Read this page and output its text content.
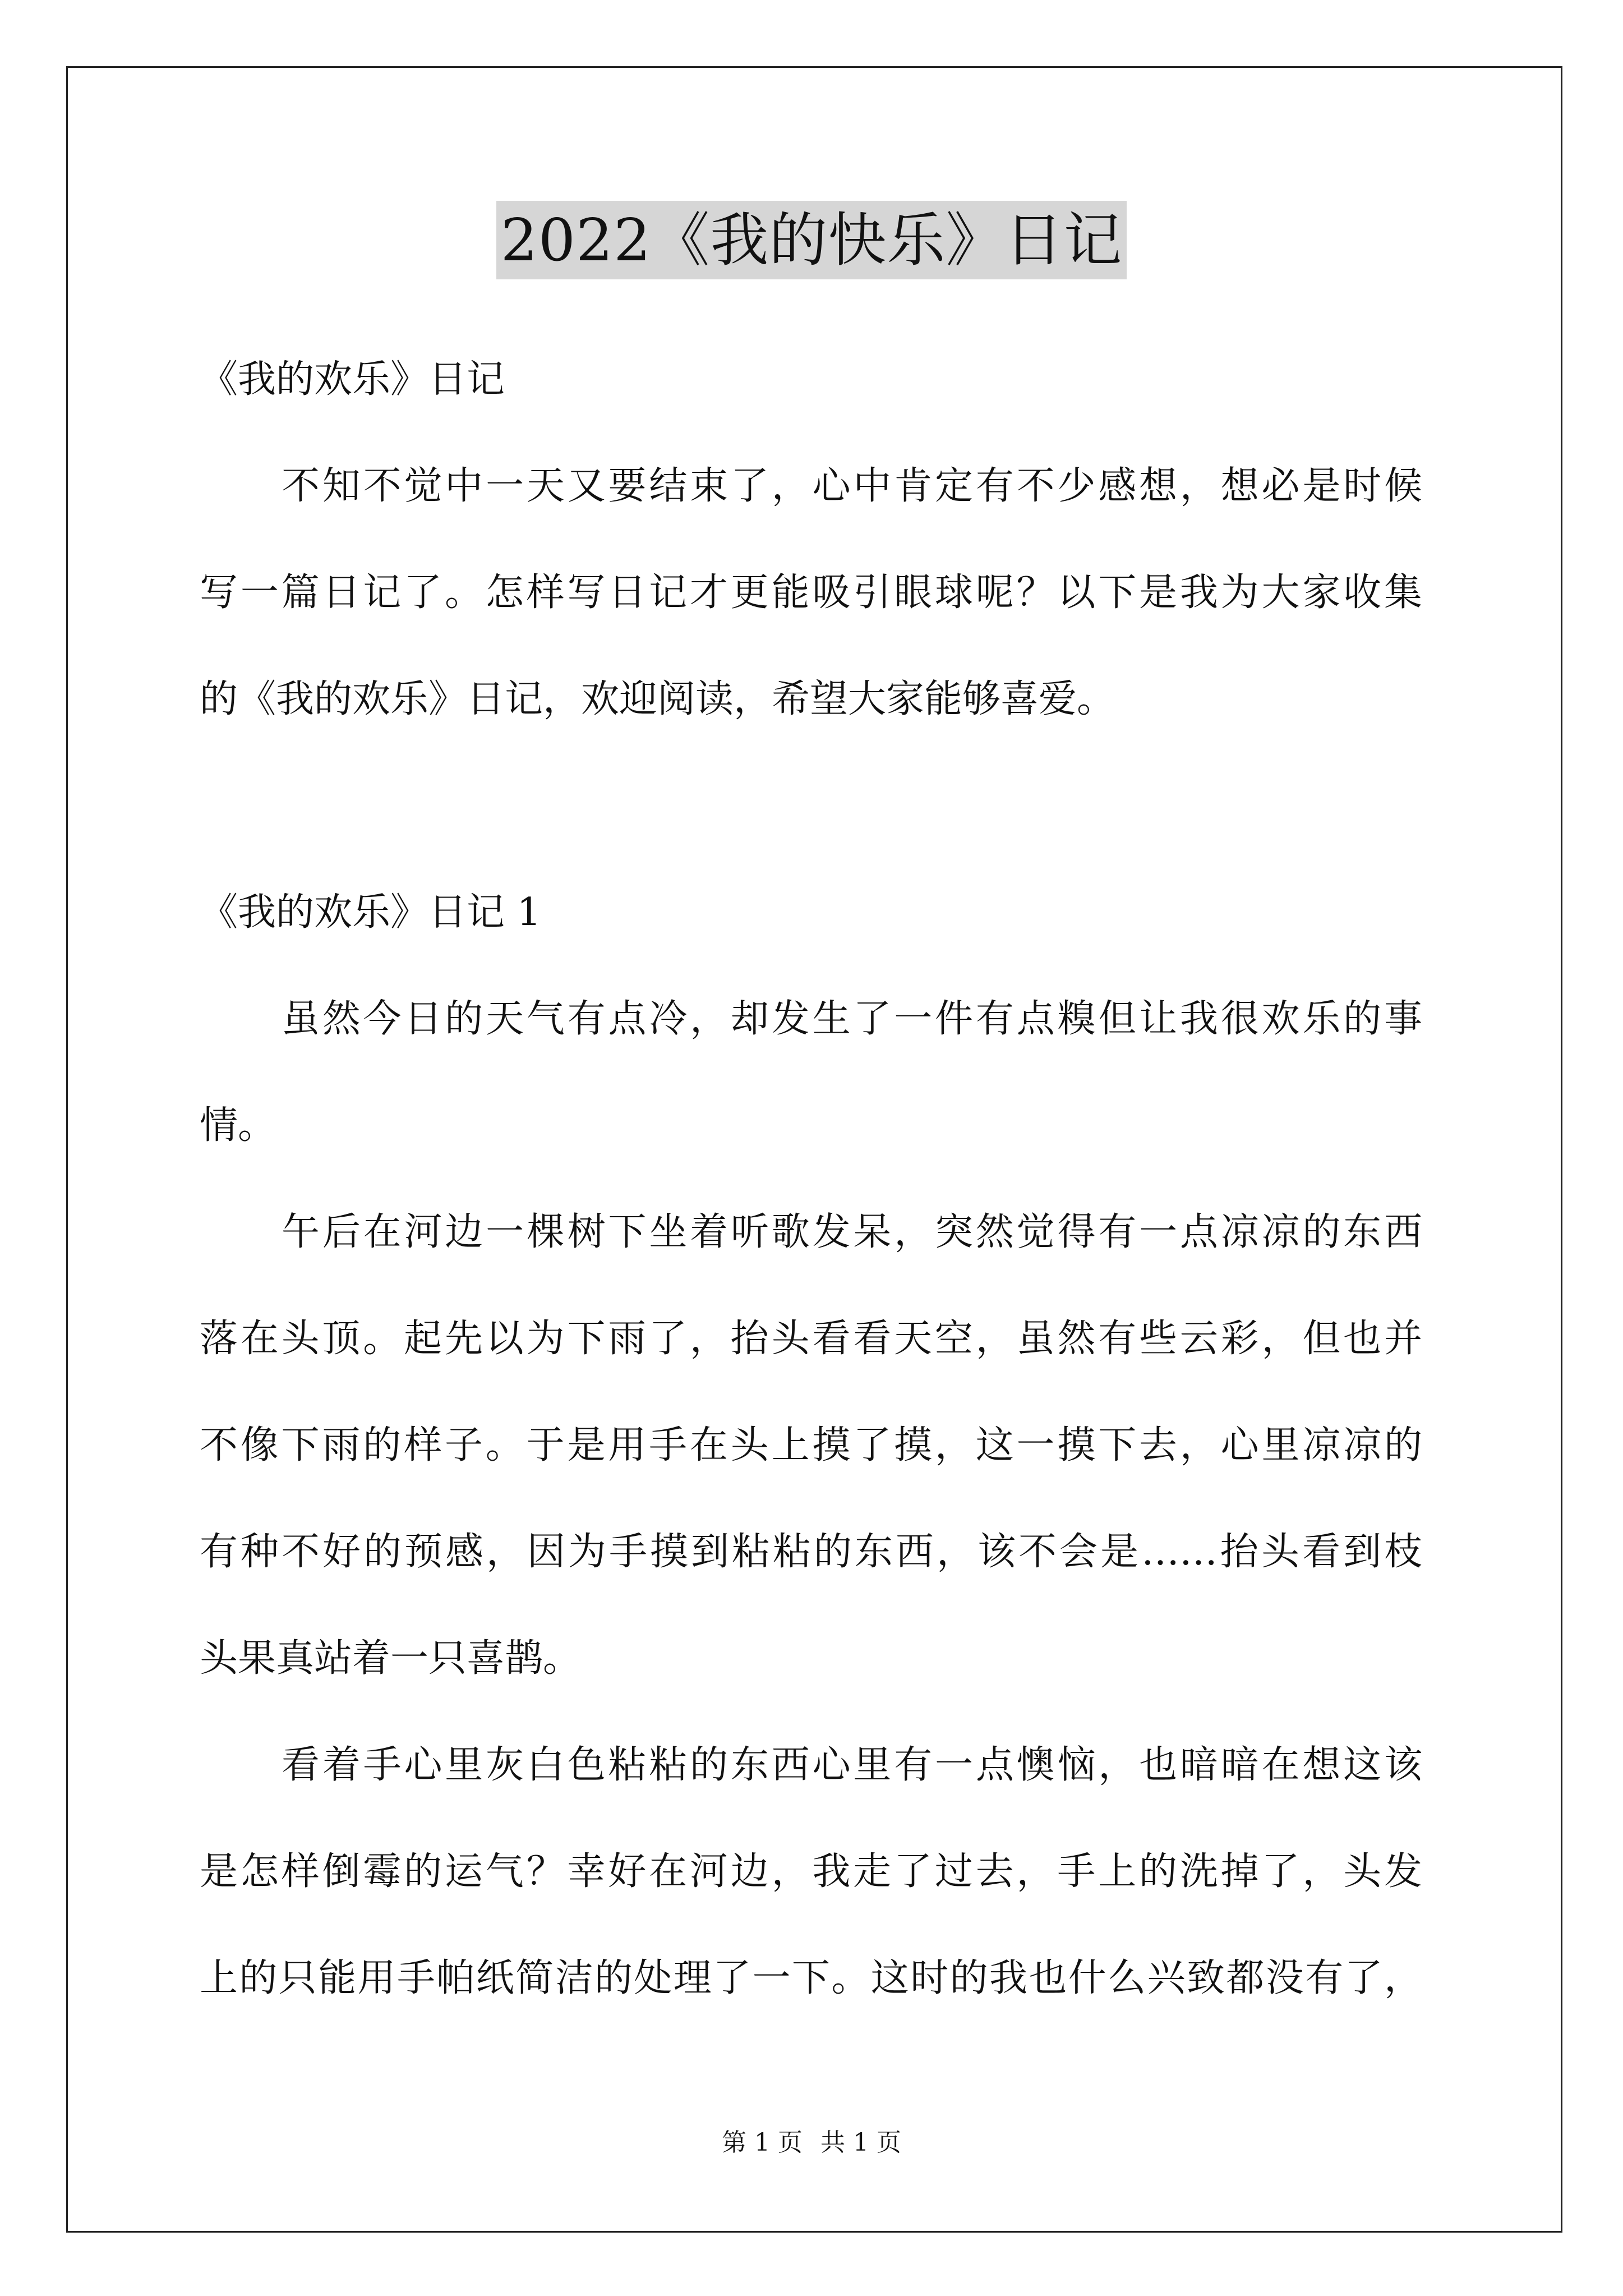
2022《我的快乐》日记
《我的欢乐》日记
不知不觉中一天又要结束了，心中肯定有不少感想，想必是时候
写一篇日记了。怎样写日记才更能吸引眼球呢？以下是我为大家收集
的《我的欢乐》日记，欢迎阅读，希望大家能够喜爱。
《我的欢乐》日记 1
虽然今日的天气有点冷，却发生了一件有点糗但让我很欢乐的事
情。
午后在河边一棵树下坐着听歌发呆，突然觉得有一点凉凉的东西
落在头顶。起先以为下雨了，抬头看看天空，虽然有些云彩，但也并
不像下雨的样子。于是用手在头上摸了摸，这一摸下去，心里凉凉的
有种不好的预感，因为手摸到粘粘的东西，该不会是……抬头看到枝
头果真站着一只喜鹊。
看着手心里灰白色粘粘的东西心里有一点懊恼，也暗暗在想这该
是怎样倒霉的运气？幸好在河边，我走了过去，手上的洗掉了，头发
上的只能用手帕纸简洁的处理了一下。这时的我也什么兴致都没有了，
第 1 页 共 1 页
